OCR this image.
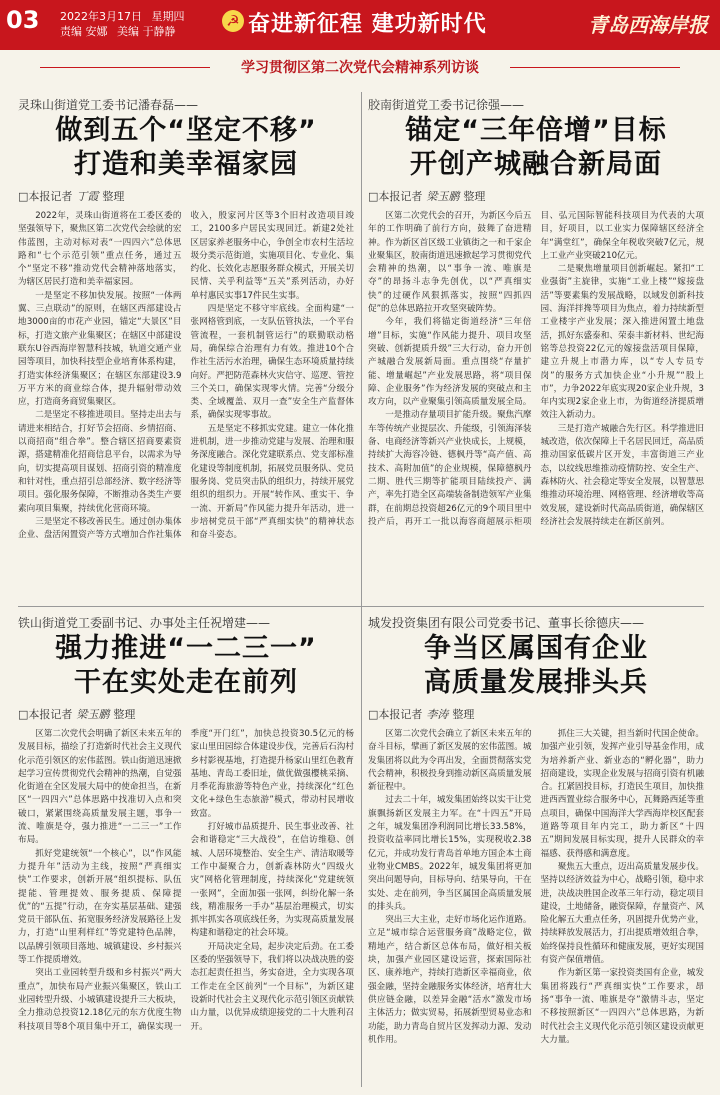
03 2022年3月17日 星期四
责编 安娜 美编 于静静
☭ 奋进新征程 建功新时代	青岛西海岸报
学习贯彻区第二次党代会精神系列访谈
灵珠山街道党工委书记潘春磊——
做到五个“坚定不移”
打造和美幸福家园
□本报记者 丁霞 整理

2022年，灵珠山街道将在工委区委的坚强领导下，聚焦区第二次党代会绘就的宏伟蓝图，主动对标对表“一四四六”总体思路和“七个示范引领”重点任务，通过五个“坚定不移”推动党代会精神落地落实，为辖区居民打造和美幸福家园。

一是坚定不移加快发展。按照“一体两翼、三点联动”的原则，在辖区西部建设占地3000亩的市花产业园，锚定“大景区”目标，打造文旅产业集聚区；在辖区中部建设联东U谷西海岸智慧科技城，轨道交通产业园等项目，加快科技型企业培育体系构建，打造实体经济集聚区；在辖区东部建设3.9万平方米的商业综合体，提升辐射带动效应，打造商务商贸集聚区。

二是坚定不移推进项目。坚持走出去与请进来相结合，打好节会招商、乡情招商、以商招商“组合拳”。整合辖区招商要素资源，搭建精准化招商信息平台，以需求为导向，切实提高项目谋划、招商引资的精准度和针对性，重点招引总部经济、数字经济等项目。强化服务保障，不断推动各类生产要素向项目集聚，持续优化营商环境。

三是坚定不移改善民生。通过创办集体企业、盘活闲置资产等方式增加合作社集体收入，殷家河片区等3个旧村改造项目竣工，2100多户居民实现回迁。新建2处社区居家养老服务中心，争创全市农村生活垃圾分类示范街道，实施项目化、专业化、集约化、长效化志愿服务群众模式，开展关切民情、关乎利益等“五关”系列活动，办好单村惠民实事17件民生实事。

四是坚定不移守牢底线。全面构建“一张网格管到底，一支队伍管执法，一个平台管流程，一套机制管运行”的联勤联动格局，确保综合治理有力有效。推进10个合作社生活污水治理，确保生态环境质量持续向好。严把防范森林火灾信守、巡逻、管控三个关口，确保实现零火情。完善“分级分类、全域覆盖、双月一查”安全生产监督体系，确保实现零事故。

五是坚定不移抓实党建。建立一体化推进机制，进一步推动党建与发展、治理和服务深度融合。深化党建联系点、党支部标准化建设等制度机制，拓展党员服务队、党员服务岗、党员突击队的组织力，持续开展党组织的组织力。开展“转作风、重实干、争一流、开新局”作风能力提升年活动，进一步培树党员干部“严真细实快”的精神状态和奋斗姿态。

胶南街道党工委书记徐强——
锚定“三年倍增”目标
开创产城融合新局面
□本报记者 梁玉鹏 整理

区第二次党代会的召开，为新区今后五年的工作明确了前行方向，鼓舞了奋进精神。作为新区首区级工业镇街之一和千家企业聚集区，胶南街道迅速掀起学习贯彻党代会精神的热潮，以“事争一流、唯旗是夺”的昂扬斗志争先创优，以“严真细实快”的过硬作风狠抓落实，按照“四抓四促”的总体思路拉开攻坚突破阵势。

今年，我们将锚定街道经济“三年倍增”目标，实施“作风能力提升、项目攻坚突破、创新提质升级”三大行动，奋力开创产城融合发展新局面。重点围绕“存量扩能、增量崛起”产业发展思路，将“项目保障、企业服务”作为经济发展的突破点和主攻方向，以产业聚集引领高质量发展全局。

一是推动存量项目扩能升级。聚焦汽摩车等传统产业提层次、升能级，引领海泽装备、电商经济等新兴产业快成长，上规模，持续扩大海容冷链、德枫丹等“高产值、高技术、高附加值”的企业规模，保障德枫丹二期、胜代三期等扩能项目陆续投产、满产，率先打造全区高端装备制造领军产业集群，在前期总投资超26亿元的9个项目里中投产后，再开工一批以海容商超展示柜项目、弘元国际智能科技项目为代表的大项目，好项目，以工业实力保障辖区经济全年“满堂红”，确保全年税收突破7亿元，规上工业产业突破210亿元。

二是聚焦增量项目创新崛起。紧扣“工业强街”主旋律，实施“工业上楼”“嫁接盘活”等要素集约发展战略，以域发创新科技园、海洋拌搀等项目为焦点，着力持续新型工业楼宇产业发展；深入推进闲置土地盘活，抓好东盛泰和、荣泰丰新材料、世纪海铭等总投资22亿元的嫁接盘活项目保障，建立升规上市潜力库，以“专人专员专岗”的服务方式加快企业“小升规”“股上市”，力争2022年底实现20家企业升规，3年内实现2家企业上市，为街道经济提质增效注入新动力。

三是打造产城融合先行区。科学推进旧城改造，依次保障上千名居民回迁，高品质推动国家低碳片区开发，丰富街道三产业态，以纹线思维推动疫情防控、安全生产、森林防火、社会稳定等安全发展，以智慧思维推动环境治理、网格管理、经济增收等高效发展，建设新时代高品质街道，确保辖区经济社会发展持续走在新区前列。

铁山街道党工委副书记、办事处主任祝增建——
强力推进“一二三一”
干在实处走在前列
□本报记者 梁玉鹏 整理

区第二次党代会明确了新区未来五年的发展目标，描绘了打造新时代社会主义现代化示范引领区的宏伟蓝图。铁山街道迅速掀起学习宣传贯彻党代会精神的热潮，自觉强化街道在全区发展大局中的使命担当，在新区“一四四六”总体思路中找准切入点和突破口，紧紧围绕高质量发展主题，事争一流、唯旗是夺，强力推进“一二三一”工作布局。

抓好党建统领“一个核心”，以“作风能力提升年”活动为主线，按照“严真细实快”工作要求，创新开展“组织提标、队伍提能、管理提效、服务提质、保障提优”的“五提”行动，在夯实基层基础、建强党员干部队伍、拓宽服务经济发展路径上发力，打造“山里利样红”等党建特色品牌，以品牌引领项目落地、城镇建设、乡村振兴等工作提质增效。

突出工业园转型升级和乡村振兴“两大重点”，加快布局产业振兴集聚区，铁山工业园转型升级、小城镇建设提升三大板块，全力推动总投资12.18亿元的东方优度生物科技项目等8个项目集中开工，确保实现一季度“开门红”，加快总投资30.5亿元的杨家山里田园综合体建设步伐，完善后石沟村乡村影视基地，打造提升杨家山里红色教育基地、青岛工委旧址，做优做强樱桃采摘、月季花海旅游等特色产业，持续深化“红色文化+绿色生态旅游”模式，带动村民增收致富。

打好城市品质提升、民生事业改善、社会和谐稳定“三大战役”，在信访维稳、创城、人居环境整治、安全生产、清洁取暖等工作中凝聚合力，创新森林防火“四级火灾”网格化管理制度，持续深化“党建统领一张网”，全面加强一张网，纠纷化解一条线，精准服务一手办”基层治理模式，切实抓牢抓实各项底线任务，为实现高质量发展构建和谐稳定的社会环境。

开局决定全局，起步决定后劲。在工委区委的坚强领导下，我们将以决战决胜的姿态扛起责任担当，务实奋进，全力实现各项工作走在全区前列“一个目标”，为新区建设新时代社会主义现代化示范引领区贡献铁山力量，以优异成绩迎接党的二十大胜利召开。

城发投资集团有限公司党委书记、董事长徐德庆——
争当区属国有企业
高质量发展排头兵
□本报记者 李涛 整理

区第二次党代会确立了新区未来五年的奋斗目标，擘画了新区发展的宏伟蓝图。城发集团将以此为令再出发，全面贯彻落实党代会精神，积极投身到推动新区高质量发展新征程中。

过去二十年，城发集团始终以实干让党旗飘扬新区发展主力军。在“十四五”开局之年，城发集团净利润同比增长33.58%，投资收益率同比增长15%，实现税收2.38亿元，并成功发行青岛首单地方国企本土商业物业CMBS。2022年，城发集团将更加突出问题导向，目标导向、结果导向，干在实处、走在前列，争当区属国企高质量发展的排头兵。

突出三大主业，走好市场化运作道路。立足“城市综合运营服务商”战略定位，做精地产，结合新区总体布局，做好相关板块，加强产业园区建设运营，探索国际社区、康养地产，持续打造新区幸福商业，依强金融，坚持金融服务实体经济，培育壮大供应链金融，以差异金融“活水”激发市场主体活力；做实贸易，拓展新型贸易业态和功能，助力青岛自贸片区发挥动力源、发动机作用。

抓住三大关键，担当新时代国企使命。加强产业引领，发挥产业引导基金作用，成为培养新产业、新业态的“孵化器”，助力招商建设，实现企业发展与招商引资有机融合。扛紧固投目标，打造民生项目，加快推进西西置业综合服务中心，瓦舞路西延等重点项目，确保中国海洋大学西海岸校区配套道路等项目年内完工，助力新区“十四五”期间发展目标实现，提升人民群众的幸福感、获得感和满意度。

聚焦五大重点，迈出高质量发展步伐。坚持以经济效益为中心，战略引领，稳中求进，决战决胜国企改革三年行动，稳定项目建设，土地储备，融资保障，存量资产、风险化解五大重点任务，巩固提升优势产业，持续释放发展活力，打出提质增效组合拳，始终保持良性循环和健康发展，更好实现国有资产保值增值。

作为新区第一家投资类国有企业，城发集团将践行“严真细实快”工作要求，昂扬“事争一流、唯旗是夺”激情斗志，坚定不移按照新区“一四四六”总体思路，为新时代社会主义现代化示范引领区建设贡献更大力量。
